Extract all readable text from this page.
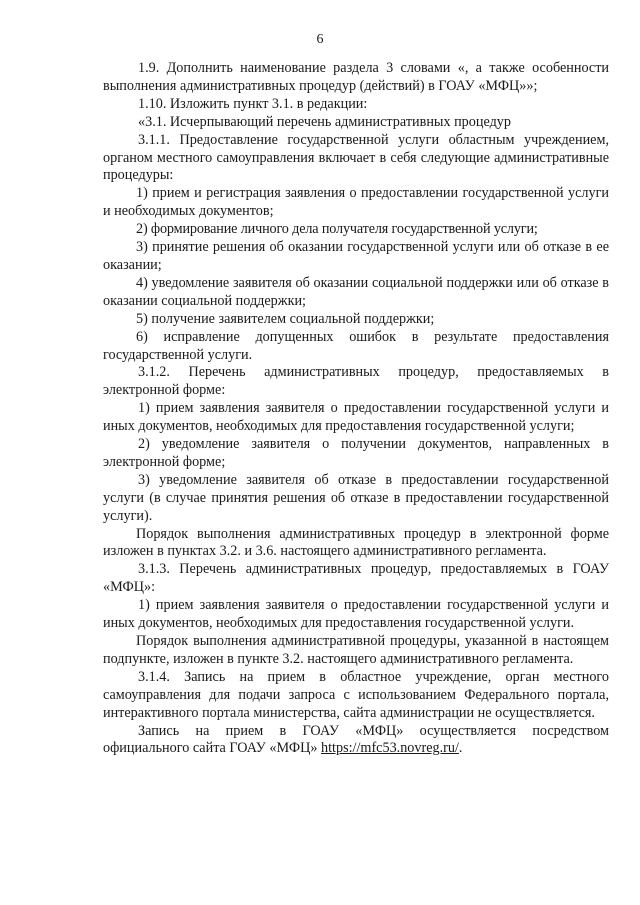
6

1.9. Дополнить наименование раздела 3 словами «, а также особенности выполнения административных процедур (действий) в ГОАУ «МФЦ»»;

1.10. Изложить пункт 3.1. в редакции:

«3.1. Исчерпывающий перечень административных процедур

3.1.1. Предоставление государственной услуги областным учреждением, органом местного самоуправления включает в себя следующие административные процедуры:

1) прием и регистрация заявления о предоставлении государственной услуги и необходимых документов;

2) формирование личного дела получателя государственной услуги;

3) принятие решения об оказании государственной услуги или об отказе в ее оказании;

4) уведомление заявителя об оказании социальной поддержки или об отказе в оказании социальной поддержки;

5) получение заявителем социальной поддержки;

6) исправление допущенных ошибок в результате предоставления государственной услуги.

3.1.2. Перечень административных процедур, предоставляемых в электронной форме:

1) прием заявления заявителя о предоставлении государственной услуги и иных документов, необходимых для предоставления государственной услуги;

2) уведомление заявителя о получении документов, направленных в электронной форме;

3) уведомление заявителя об отказе в предоставлении государственной услуги (в случае принятия решения об отказе в предоставлении государственной услуги).

Порядок выполнения административных процедур в электронной форме изложен в пунктах 3.2. и 3.6. настоящего административного регламента.

3.1.3. Перечень административных процедур, предоставляемых в ГОАУ «МФЦ»:

1) прием заявления заявителя о предоставлении государственной услуги и иных документов, необходимых для предоставления государственной услуги.

Порядок выполнения административной процедуры, указанной в настоящем подпункте, изложен в пункте 3.2. настоящего административного регламента.

3.1.4. Запись на прием в областное учреждение, орган местного самоуправления для подачи запроса с использованием Федерального портала, интерактивного портала министерства, сайта администрации не осуществляется.

Запись на прием в ГОАУ «МФЦ» осуществляется посредством официального сайта ГОАУ «МФЦ» https://mfc53.novreg.ru/.
